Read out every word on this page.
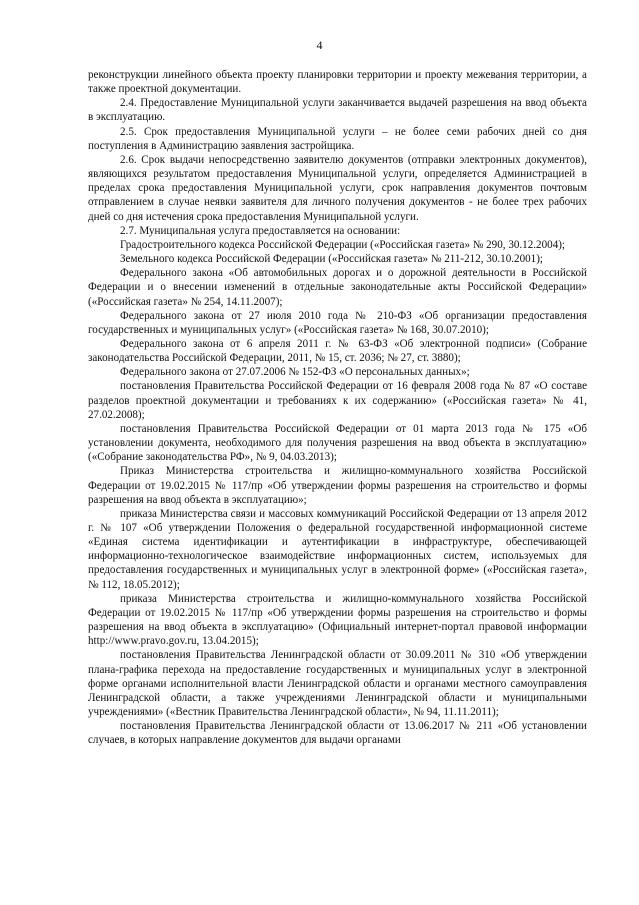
4

реконструкции линейного объекта проекту планировки территории и проекту межевания территории, а также проектной документации.

2.4. Предоставление Муниципальной услуги заканчивается выдачей разрешения на ввод объекта в эксплуатацию.

2.5. Срок предоставления Муниципальной услуги – не более семи рабочих дней со дня поступления в Администрацию заявления застройщика.

2.6. Срок выдачи непосредственно заявителю документов (отправки электронных документов), являющихся результатом предоставления Муниципальной услуги, определяется Администрацией в пределах срока предоставления Муниципальной услуги, срок направления документов почтовым отправлением в случае неявки заявителя для личного получения документов - не более трех рабочих дней со дня истечения срока предоставления Муниципальной услуги.

2.7. Муниципальная услуга предоставляется на основании:

Градостроительного кодекса Российской Федерации («Российская газета» № 290, 30.12.2004);

Земельного кодекса Российской Федерации («Российская газета» № 211-212, 30.10.2001);

Федерального закона «Об автомобильных дорогах и о дорожной деятельности в Российской Федерации и о внесении изменений в отдельные законодательные акты Российской Федерации» («Российская газета» № 254, 14.11.2007);

Федерального закона от 27 июля 2010 года № 210-ФЗ «Об организации предоставления государственных и муниципальных услуг» («Российская газета» № 168, 30.07.2010);

Федерального закона от 6 апреля 2011 г. № 63-ФЗ «Об электронной подписи» (Собрание законодательства Российской Федерации, 2011, № 15, ст. 2036; № 27, ст. 3880);

Федерального закона от 27.07.2006 № 152-ФЗ «О персональных данных»;

постановления Правительства Российской Федерации от 16 февраля 2008 года № 87 «О составе разделов проектной документации и требованиях к их содержанию» («Российская газета» № 41, 27.02.2008);

постановления Правительства Российской Федерации от 01 марта 2013 года № 175 «Об установлении документа, необходимого для получения разрешения на ввод объекта в эксплуатацию» («Собрание законодательства РФ», № 9, 04.03.2013);

Приказ Министерства строительства и жилищно-коммунального хозяйства Российской Федерации от 19.02.2015 № 117/пр «Об утверждении формы разрешения на строительство и формы разрешения на ввод объекта в эксплуатацию»;

приказа Министерства связи и массовых коммуникаций Российской Федерации от 13 апреля 2012 г. № 107 «Об утверждении Положения о федеральной государственной информационной системе «Единая система идентификации и аутентификации в инфраструктуре, обеспечивающей информационно-технологическое взаимодействие информационных систем, используемых для предоставления государственных и муниципальных услуг в электронной форме» («Российская газета», № 112, 18.05.2012);

приказа Министерства строительства и жилищно-коммунального хозяйства Российской Федерации от 19.02.2015 № 117/пр «Об утверждении формы разрешения на строительство и формы разрешения на ввод объекта в эксплуатацию» (Официальный интернет-портал правовой информации http://www.pravo.gov.ru, 13.04.2015);

постановления Правительства Ленинградской области от 30.09.2011 № 310 «Об утверждении плана-графика перехода на предоставление государственных и муниципальных услуг в электронной форме органами исполнительной власти Ленинградской области и органами местного самоуправления Ленинградской области, а также учреждениями Ленинградской области и муниципальными учреждениями» («Вестник Правительства Ленинградской области», № 94, 11.11.2011);

постановления Правительства Ленинградской области от 13.06.2017 № 211 «Об установлении случаев, в которых направление документов для выдачи органами
